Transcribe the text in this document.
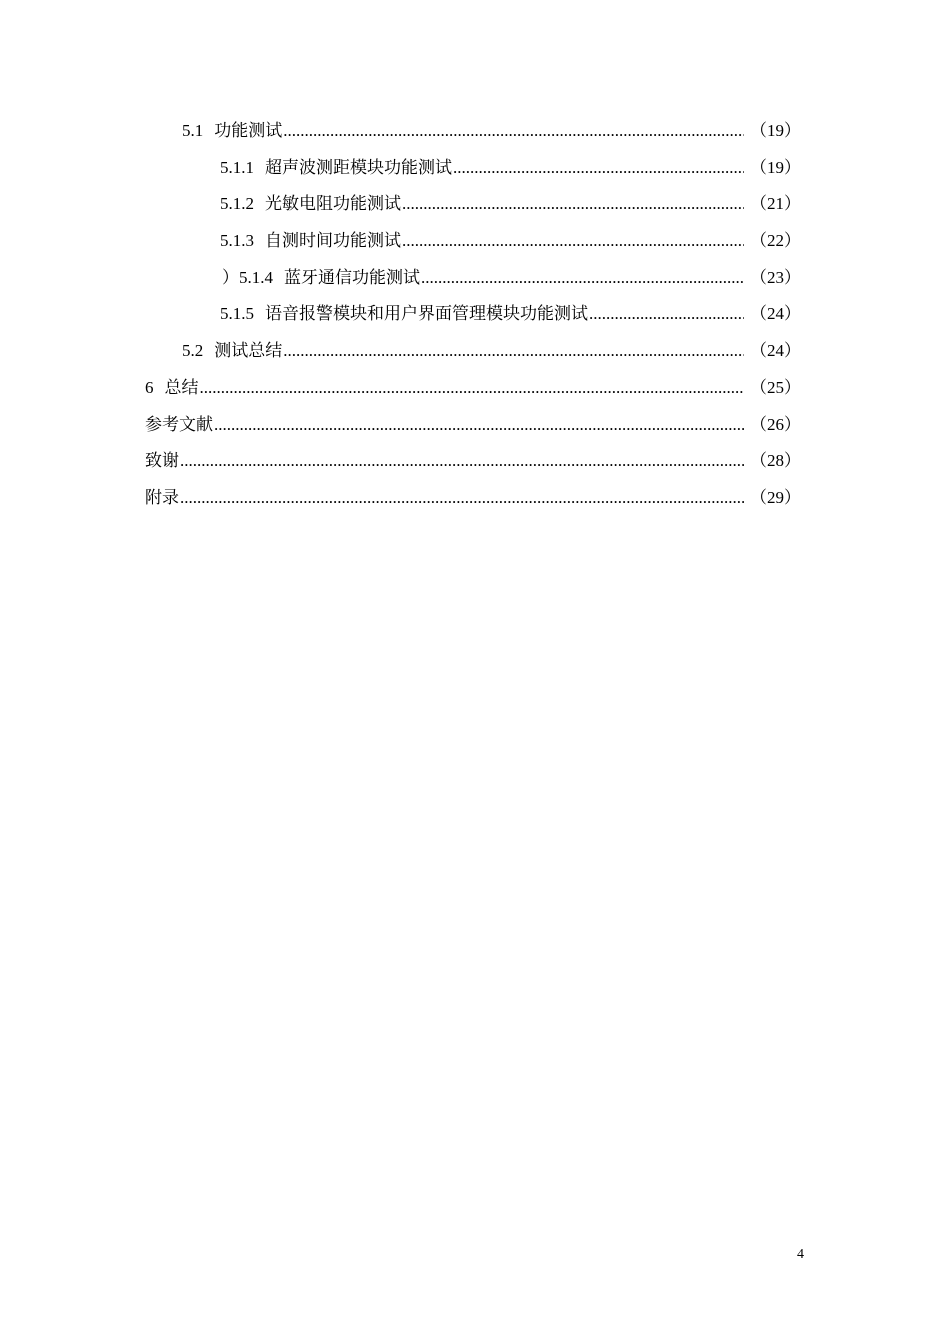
5.1 功能测试 .....	（19）
5.1.1 超声波测距模块功能测试 .....	（19）
5.1.2 光敏电阻功能测试 .....	（21）
5.1.3 自测时间功能测试 .....	（22）
）5.1.4 蓝牙通信功能测试 .....	（23）
5.1.5 语音报警模块和用户界面管理模块功能测试 .....	（24）
5.2 测试总结 .....	（24）
6 总结 .....	（25）
参考文献 .....	（26）
致谢 .....	（28）
附录 .....	（29）
4
